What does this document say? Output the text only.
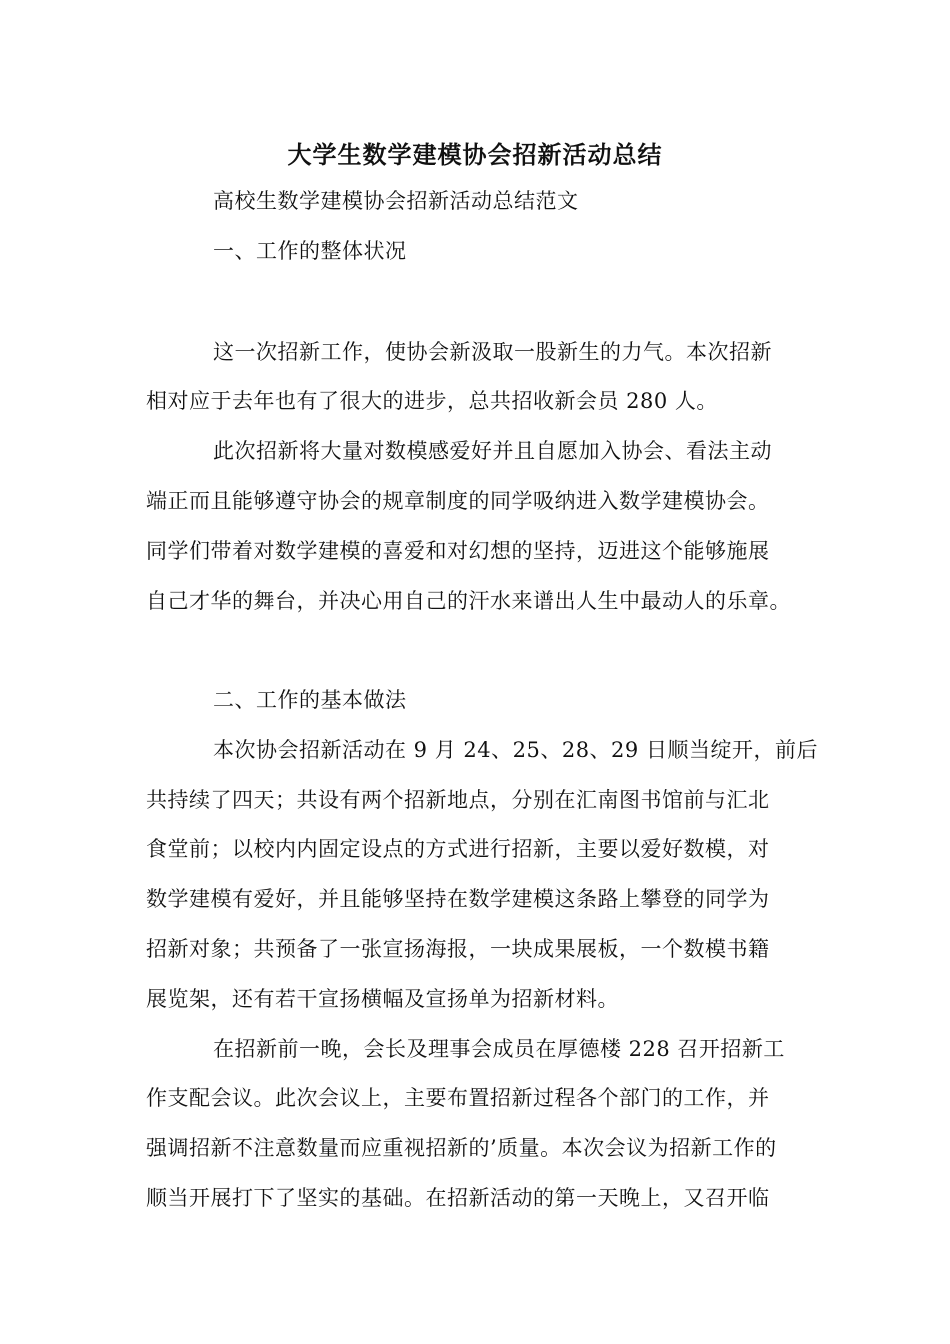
大学生数学建模协会招新活动总结
高校生数学建模协会招新活动总结范文
一、工作的整体状况
这一次招新工作，使协会新汲取一股新生的力气。本次招新
相对应于去年也有了很大的进步，总共招收新会员 280 人。
此次招新将大量对数模感爱好并且自愿加入协会、看法主动
端正而且能够遵守协会的规章制度的同学吸纳进入数学建模协会。
同学们带着对数学建模的喜爱和对幻想的坚持，迈进这个能够施展
自己才华的舞台，并决心用自己的汗水来谱出人生中最动人的乐章。
二、工作的基本做法
本次协会招新活动在 9 月 24、25、28、29 日顺当绽开，前后
共持续了四天；共设有两个招新地点，分别在汇南图书馆前与汇北
食堂前；以校内内固定设点的方式进行招新，主要以爱好数模，对
数学建模有爱好，并且能够坚持在数学建模这条路上攀登的同学为
招新对象；共预备了一张宣扬海报，一块成果展板，一个数模书籍
展览架，还有若干宣扬横幅及宣扬单为招新材料。
在招新前一晚，会长及理事会成员在厚德楼 228 召开招新工
作支配会议。此次会议上，主要布置招新过程各个部门的工作，并
强调招新不注意数量而应重视招新的’质量。本次会议为招新工作的
顺当开展打下了坚实的基础。在招新活动的第一天晚上，又召开临
